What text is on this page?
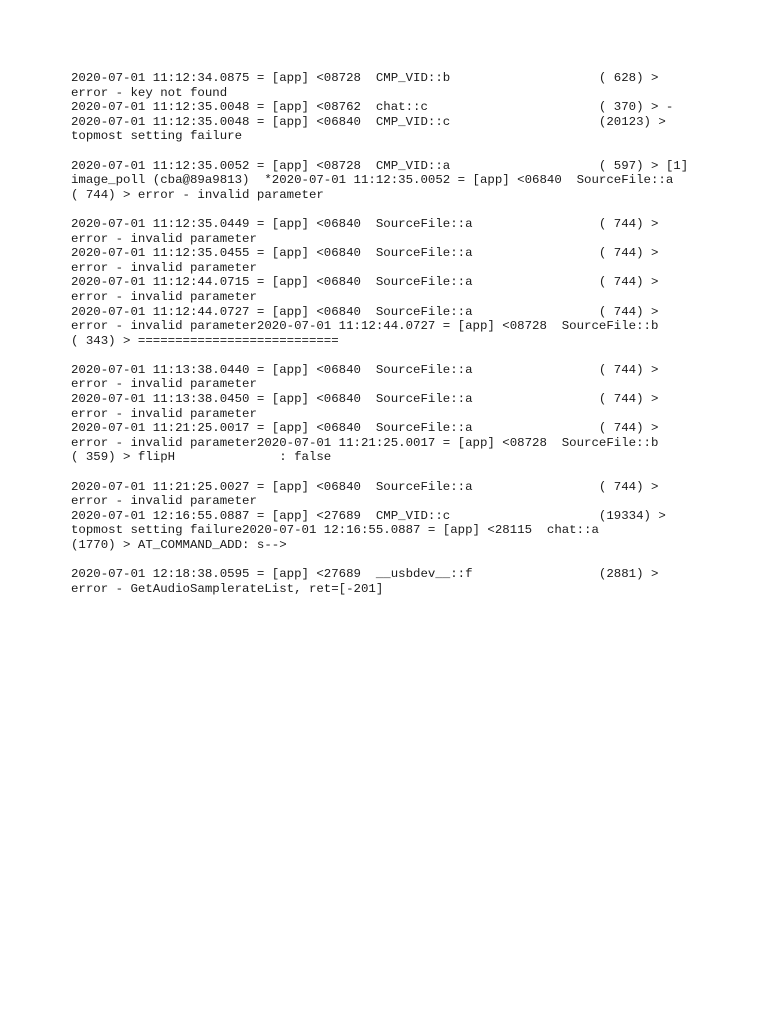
2020-07-01 11:12:34.0875 = [app] <08728  CMP_VID::b                    ( 628) >
error - key not found
2020-07-01 11:12:35.0048 = [app] <08762  chat::c                       ( 370) > -
2020-07-01 11:12:35.0048 = [app] <06840  CMP_VID::c                    (20123) >
topmost setting failure
2020-07-01 11:12:35.0052 = [app] <08728  CMP_VID::a                    ( 597) > [1]
image_poll (cba@89a9813)  *2020-07-01 11:12:35.0052 = [app] <06840  SourceFile::a
( 744) > error - invalid parameter
2020-07-01 11:12:35.0449 = [app] <06840  SourceFile::a                 ( 744) >
error - invalid parameter
2020-07-01 11:12:35.0455 = [app] <06840  SourceFile::a                 ( 744) >
error - invalid parameter
2020-07-01 11:12:44.0715 = [app] <06840  SourceFile::a                 ( 744) >
error - invalid parameter
2020-07-01 11:12:44.0727 = [app] <06840  SourceFile::a                 ( 744) >
error - invalid parameter2020-07-01 11:12:44.0727 = [app] <08728  SourceFile::b
( 343) > ===========================
2020-07-01 11:13:38.0440 = [app] <06840  SourceFile::a                 ( 744) >
error - invalid parameter
2020-07-01 11:13:38.0450 = [app] <06840  SourceFile::a                 ( 744) >
error - invalid parameter
2020-07-01 11:21:25.0017 = [app] <06840  SourceFile::a                 ( 744) >
error - invalid parameter2020-07-01 11:21:25.0017 = [app] <08728  SourceFile::b
( 359) > flipH              : false
2020-07-01 11:21:25.0027 = [app] <06840  SourceFile::a                 ( 744) >
error - invalid parameter
2020-07-01 12:16:55.0887 = [app] <27689  CMP_VID::c                    (19334) >
topmost setting failure2020-07-01 12:16:55.0887 = [app] <28115  chat::a
(1770) > AT_COMMAND_ADD: s-->
2020-07-01 12:18:38.0595 = [app] <27689  __usbdev__::f                 (2881) >
error - GetAudioSamplerateList, ret=[-201]
